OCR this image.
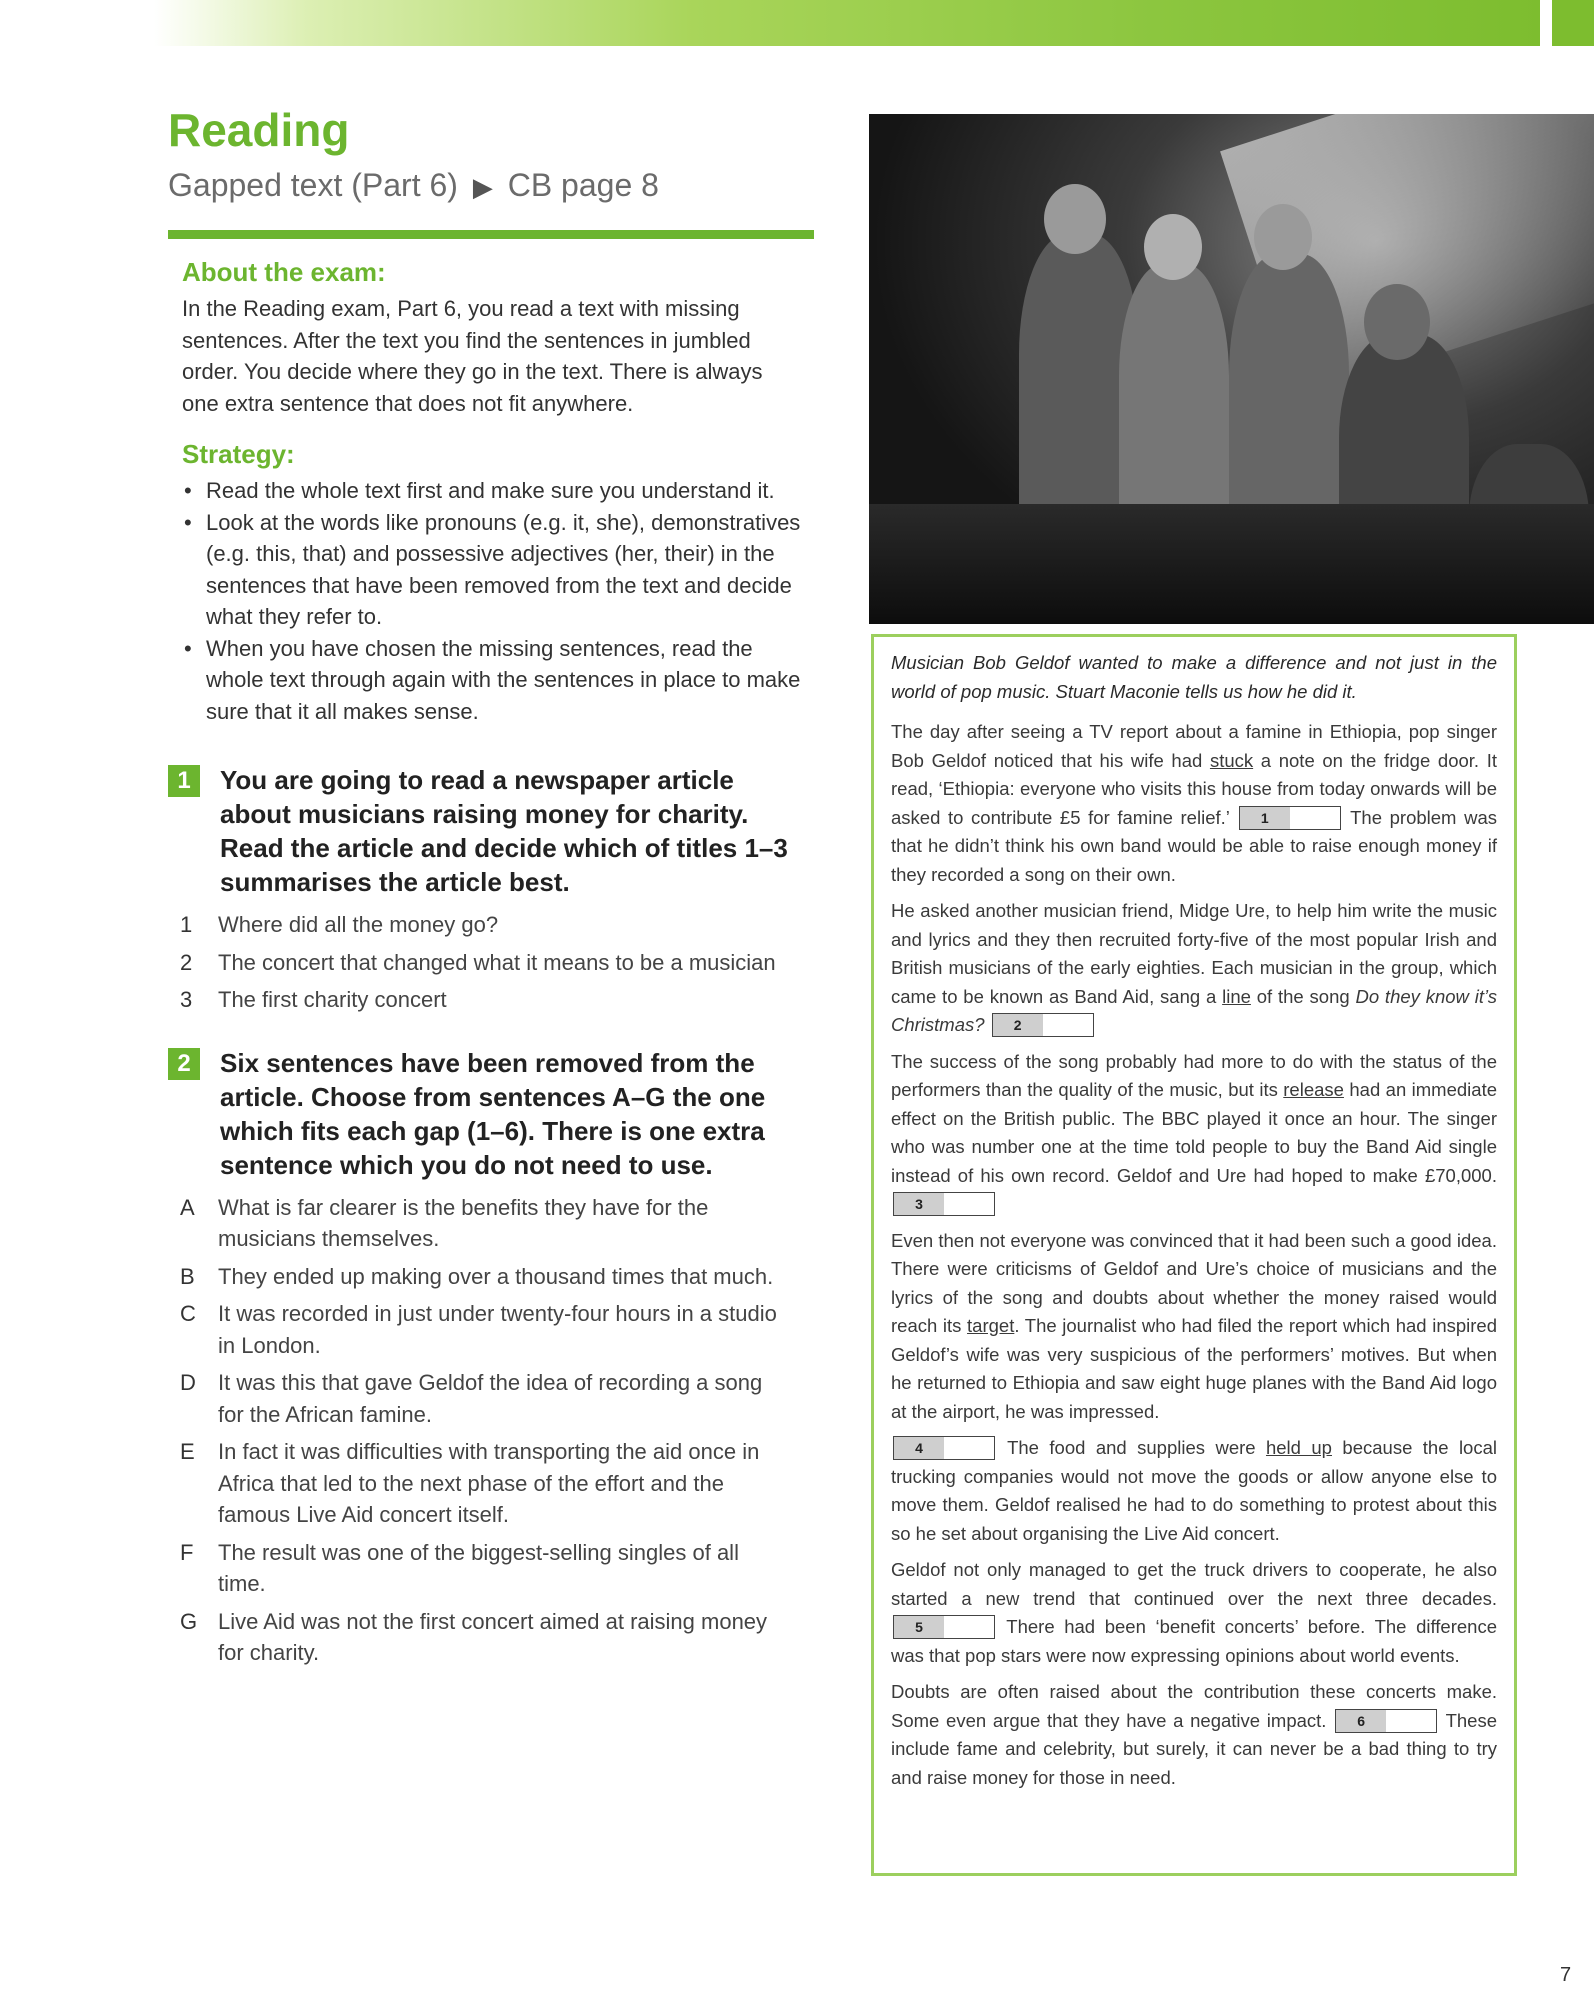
Reading
Gapped text (Part 6) ▶ CB page 8
About the exam:

In the Reading exam, Part 6, you read a text with missing sentences. After the text you find the sentences in jumbled order. You decide where they go in the text. There is always one extra sentence that does not fit anywhere.

Strategy:
• Read the whole text first and make sure you understand it.
• Look at the words like pronouns (e.g. it, she), demonstratives (e.g. this, that) and possessive adjectives (her, their) in the sentences that have been removed from the text and decide what they refer to.
• When you have chosen the missing sentences, read the whole text through again with the sentences in place to make sure that it all makes sense.
1	You are going to read a newspaper article about musicians raising money for charity. Read the article and decide which of titles 1–3 summarises the article best.
1	Where did all the money go?
2	The concert that changed what it means to be a musician
3	The first charity concert
2	Six sentences have been removed from the article. Choose from sentences A–G the one which fits each gap (1–6). There is one extra sentence which you do not need to use.
A	What is far clearer is the benefits they have for the musicians themselves.
B	They ended up making over a thousand times that much.
C	It was recorded in just under twenty-four hours in a studio in London.
D	It was this that gave Geldof the idea of recording a song for the African famine.
E	In fact it was difficulties with transporting the aid once in Africa that led to the next phase of the effort and the famous Live Aid concert itself.
F	The result was one of the biggest-selling singles of all time.
G Live Aid was not the first concert aimed at raising money for charity.

Musician Bob Geldof wanted to make a difference and not just in the world of pop music. Stuart Maconie tells us how he did it.

The day after seeing a TV report about a famine in Ethiopia, pop singer Bob Geldof noticed that his wife had stuck a note on the fridge door. It read, ‘Ethiopia: everyone who visits this house from today onwards will be asked to contribute £5 for famine relief.’ 1	The problem was that he didn’t think his own band would be able to raise enough money if they recorded a song on their own.

He asked another musician friend, Midge Ure, to help him write the music and lyrics and they then recruited forty-five of the most popular Irish and British musicians of the early eighties. Each musician in the group, which came to be known as Band Aid, sang a line of the song Do they know it’s Christmas? 2

The success of the song probably had more to do with the status of the performers than the quality of the music, but its release had an immediate effect on the British public. The BBC played it once an hour. The singer who was number one at the time told people to buy the Band Aid single instead of his own record. Geldof and Ure had hoped to make £70,000. 3

Even then not everyone was convinced that it had been such a good idea. There were criticisms of Geldof and Ure’s choice of musicians and the lyrics of the song and doubts about whether the money raised would reach its target. The journalist who had filed the report which had inspired Geldof’s wife was very suspicious of the performers’ motives. But when he returned to Ethiopia and saw eight huge planes with the Band Aid logo at the airport, he was impressed.

4	The food and supplies were held up because the local trucking companies would not move the goods or allow anyone else to move them. Geldof realised he had to do something to protest about this so he set about organising the Live Aid concert.

Geldof not only managed to get the truck drivers to cooperate, he also started a new trend that continued over the next three decades. 5	There had been ‘benefit concerts’ before. The difference was that pop stars were now expressing opinions about world events.

Doubts are often raised about the contribution these concerts make. Some even argue that they have a negative impact. 6	These include fame and celebrity, but surely, it can never be a bad thing to try and raise money for those in need.

7
